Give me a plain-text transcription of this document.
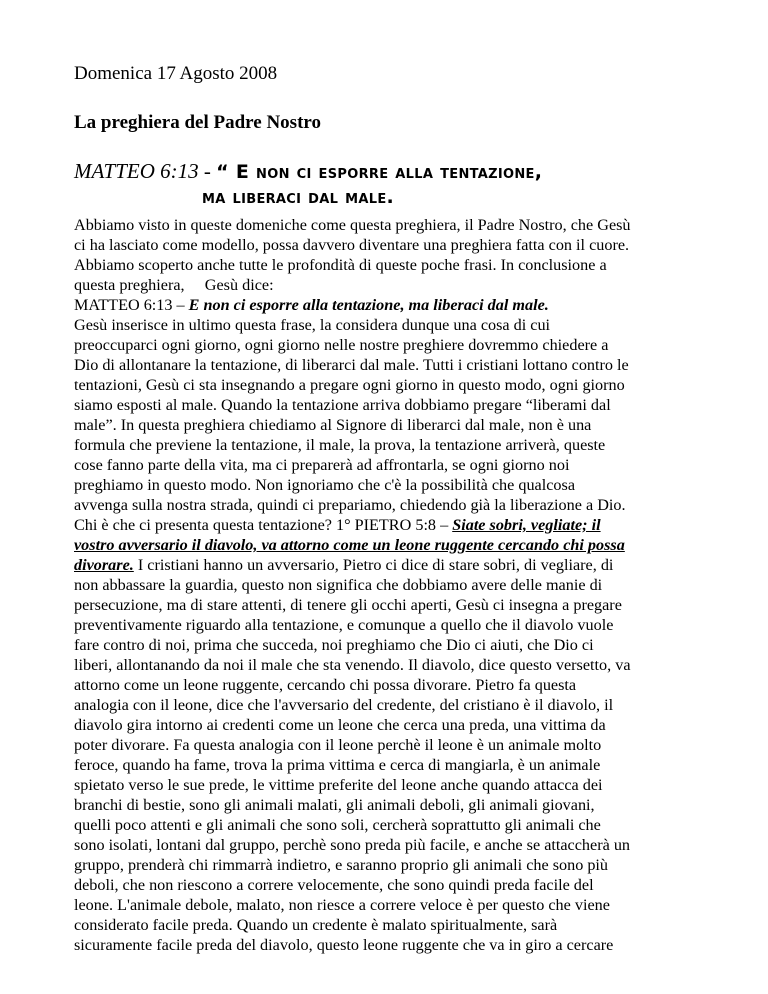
Domenica 17 Agosto 2008
La preghiera del Padre Nostro
MATTEO 6:13 - “ E non ci esporre alla tentazione,
ma liberaci dal male.
Abbiamo visto in queste domeniche come questa preghiera, il Padre Nostro, che Gesù
ci ha lasciato come modello, possa davvero diventare una preghiera fatta con il cuore.
Abbiamo scoperto anche tutte le profondità di queste poche frasi. In conclusione a
questa preghiera,     Gesù dice:
MATTEO 6:13 – E non ci esporre alla tentazione, ma liberaci dal male.
Gesù inserisce in ultimo questa frase, la considera dunque una cosa di cui
preoccuparci ogni giorno, ogni giorno nelle nostre preghiere dovremmo chiedere a
Dio di allontanare la tentazione, di liberarci dal male. Tutti i cristiani lottano contro le
tentazioni, Gesù ci sta insegnando a pregare ogni giorno in questo modo, ogni giorno
siamo esposti al male. Quando la tentazione arriva dobbiamo pregare “liberami dal
male”. In questa preghiera chiediamo al Signore di liberarci dal male, non è una
formula che previene la tentazione, il male, la prova, la tentazione arriverà, queste
cose fanno parte della vita, ma ci preparerà ad affrontarla, se ogni giorno noi
preghiamo in questo modo. Non ignoriamo che c'è la possibilità che qualcosa
avvenga sulla nostra strada, quindi ci prepariamo, chiedendo già la liberazione a Dio.
Chi è che ci presenta questa tentazione? 1° PIETRO 5:8 – Siate sobri, vegliate; il
vostro avversario il diavolo, va attorno come un leone ruggente cercando chi possa
divorare. I cristiani hanno un avversario, Pietro ci dice di stare sobri, di vegliare, di
non abbassare la guardia, questo non significa che dobbiamo avere delle manie di
persecuzione, ma di stare attenti, di tenere gli occhi aperti, Gesù ci insegna a pregare
preventivamente riguardo alla tentazione, e comunque a quello che il diavolo vuole
fare contro di noi, prima che succeda, noi preghiamo che Dio ci aiuti, che Dio ci
liberi, allontanando da noi il male che sta venendo. Il diavolo, dice questo versetto, va
attorno come un leone ruggente, cercando chi possa divorare. Pietro fa questa
analogia con il leone, dice che l'avversario del credente, del cristiano è il diavolo, il
diavolo gira intorno ai credenti come un leone che cerca una preda, una vittima da
poter divorare. Fa questa analogia con il leone perchè il leone è un animale molto
feroce, quando ha fame, trova la prima vittima e cerca di mangiarla, è un animale
spietato verso le sue prede, le vittime preferite del leone anche quando attacca dei
branchi di bestie, sono gli animali malati, gli animali deboli, gli animali giovani,
quelli poco attenti e gli animali che sono soli, cercherà soprattutto gli animali che
sono isolati, lontani dal gruppo, perchè sono preda più facile, e anche se attaccherà un
gruppo, prenderà chi rimmarrà indietro, e saranno proprio gli animali che sono più
deboli, che non riescono a correre velocemente, che sono quindi preda facile del
leone. L'animale debole, malato, non riesce a correre veloce è per questo che viene
considerato facile preda. Quando un credente è malato spiritualmente, sarà
sicuramente facile preda del diavolo, questo leone ruggente che va in giro a cercare
